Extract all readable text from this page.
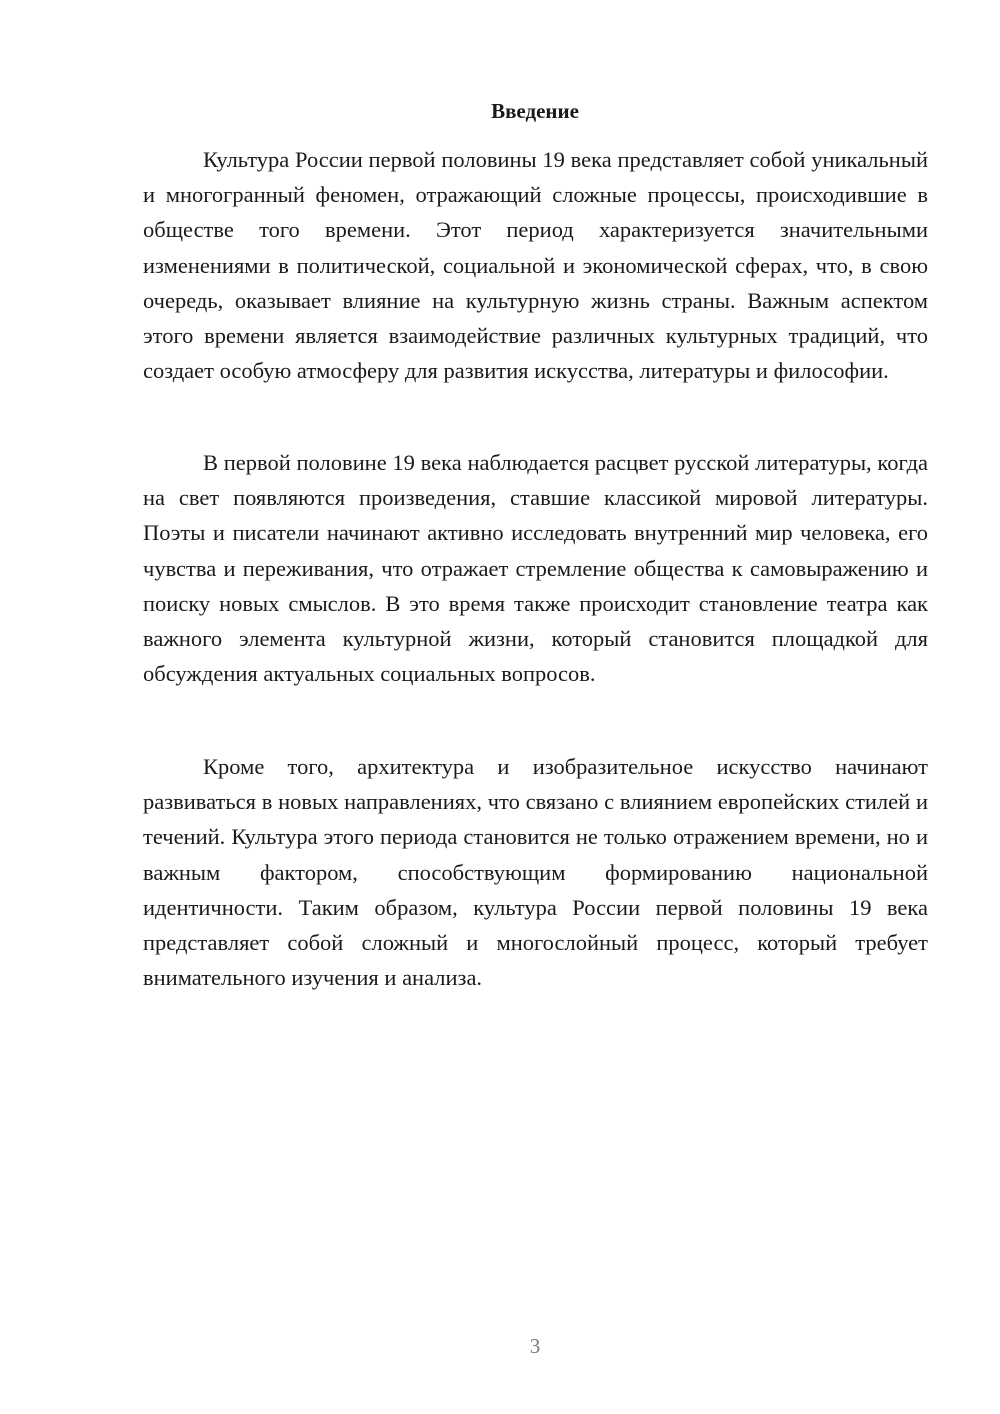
Введение

Культура России первой половины 19 века представляет собой уникальный и многогранный феномен, отражающий сложные процессы, происходившие в обществе того времени. Этот период характеризуется значительными изменениями в политической, социальной и экономической сферах, что, в свою очередь, оказывает влияние на культурную жизнь страны. Важным аспектом этого времени является взаимодействие различных культурных традиций, что создает особую атмосферу для развития искусства, литературы и философии.

В первой половине 19 века наблюдается расцвет русской литературы, когда на свет появляются произведения, ставшие классикой мировой литературы. Поэты и писатели начинают активно исследовать внутренний мир человека, его чувства и переживания, что отражает стремление общества к самовыражению и поиску новых смыслов. В это время также происходит становление театра как важного элемента культурной жизни, который становится площадкой для обсуждения актуальных социальных вопросов.

Кроме того, архитектура и изобразительное искусство начинают развиваться в новых направлениях, что связано с влиянием европейских стилей и течений. Культура этого периода становится не только отражением времени, но и важным фактором, способствующим формированию национальной идентичности. Таким образом, культура России первой половины 19 века представляет собой сложный и многослойный процесс, который требует внимательного изучения и анализа.

3
